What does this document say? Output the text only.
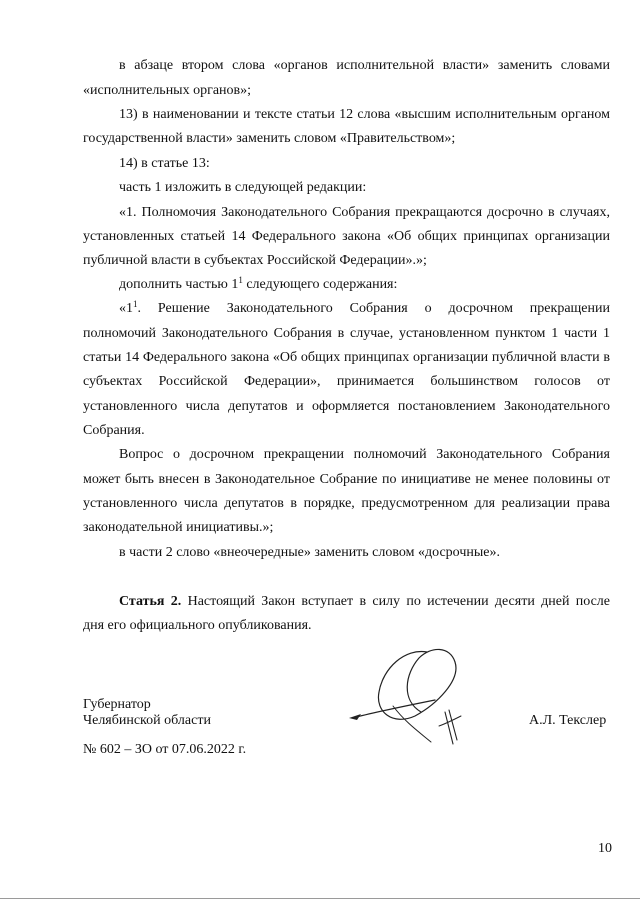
в абзаце втором слова «органов исполнительной власти» заменить словами
«исполнительных органов»;
13) в наименовании и тексте статьи 12 слова «высшим исполнительным органом
государственной власти» заменить словом «Правительством»;
14) в статье 13:
часть 1 изложить в следующей редакции:
«1. Полномочия Законодательного Собрания прекращаются досрочно в случаях,
установленных статьей 14 Федерального закона «Об общих принципах организации
публичной власти в субъектах Российской Федерации».»;
дополнить частью $1^1$ следующего содержания:
«$1^1$. Решение Законодательного Собрания о досрочном прекращении
полномочий Законодательного Собрания в случае, установленном пунктом 1 части 1
статьи 14 Федерального закона «Об общих принципах организации публичной власти в
субъектах Российской Федерации», принимается большинством голосов от
установленного числа депутатов и оформляется постановлением Законодательного
Собрания.
Вопрос о досрочном прекращении полномочий Законодательного Собрания
может быть внесен в Законодательное Собрание по инициативе не менее половины от
установленного числа депутатов в порядке, предусмотренном для реализации права
законодательной инициативы.»;
в части 2 слово «внеочередные» заменить словом «досрочные».
Статья 2. Настоящий Закон вступает в силу по истечении десяти дней после
дня его официального опубликования.
Губернатор
Челябинской области	А.Л. Текслер
№ 602 – ЗО от 07.06.2022 г.
10
